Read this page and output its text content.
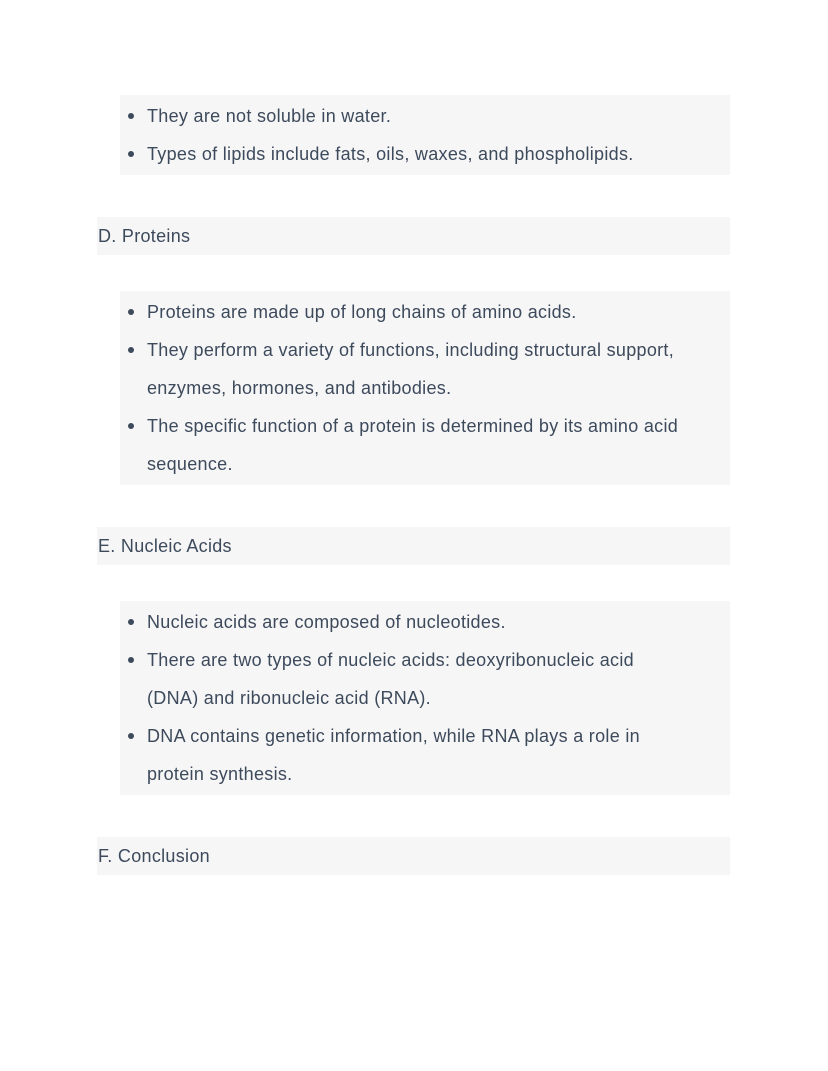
They are not soluble in water.
Types of lipids include fats, oils, waxes, and phospholipids.
D. Proteins
Proteins are made up of long chains of amino acids.
They perform a variety of functions, including structural support, enzymes, hormones, and antibodies.
The specific function of a protein is determined by its amino acid sequence.
E. Nucleic Acids
Nucleic acids are composed of nucleotides.
There are two types of nucleic acids: deoxyribonucleic acid (DNA) and ribonucleic acid (RNA).
DNA contains genetic information, while RNA plays a role in protein synthesis.
F. Conclusion
